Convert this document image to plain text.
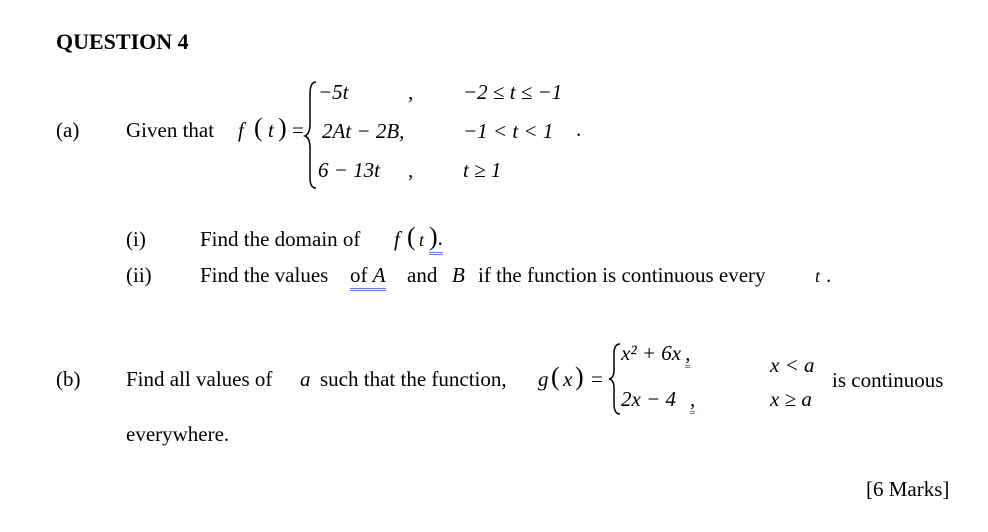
QUESTION 4
(a) Given that f ( t ) =
−5t	, −2 ≤ t ≤ −1
2At − 2B,	−1 < t < 1 .
6 − 13t , t ≥ 1
(i)	Find the domain of f ( t ).
(ii) Find the values of A and B if the function is continuous every	t .
(b) Find all values of a such that the function, g ( x ) =
x² + 6x ,	x < a
2x − 4 ,	x ≥ a
is continuous
everywhere.
[6 Marks]
